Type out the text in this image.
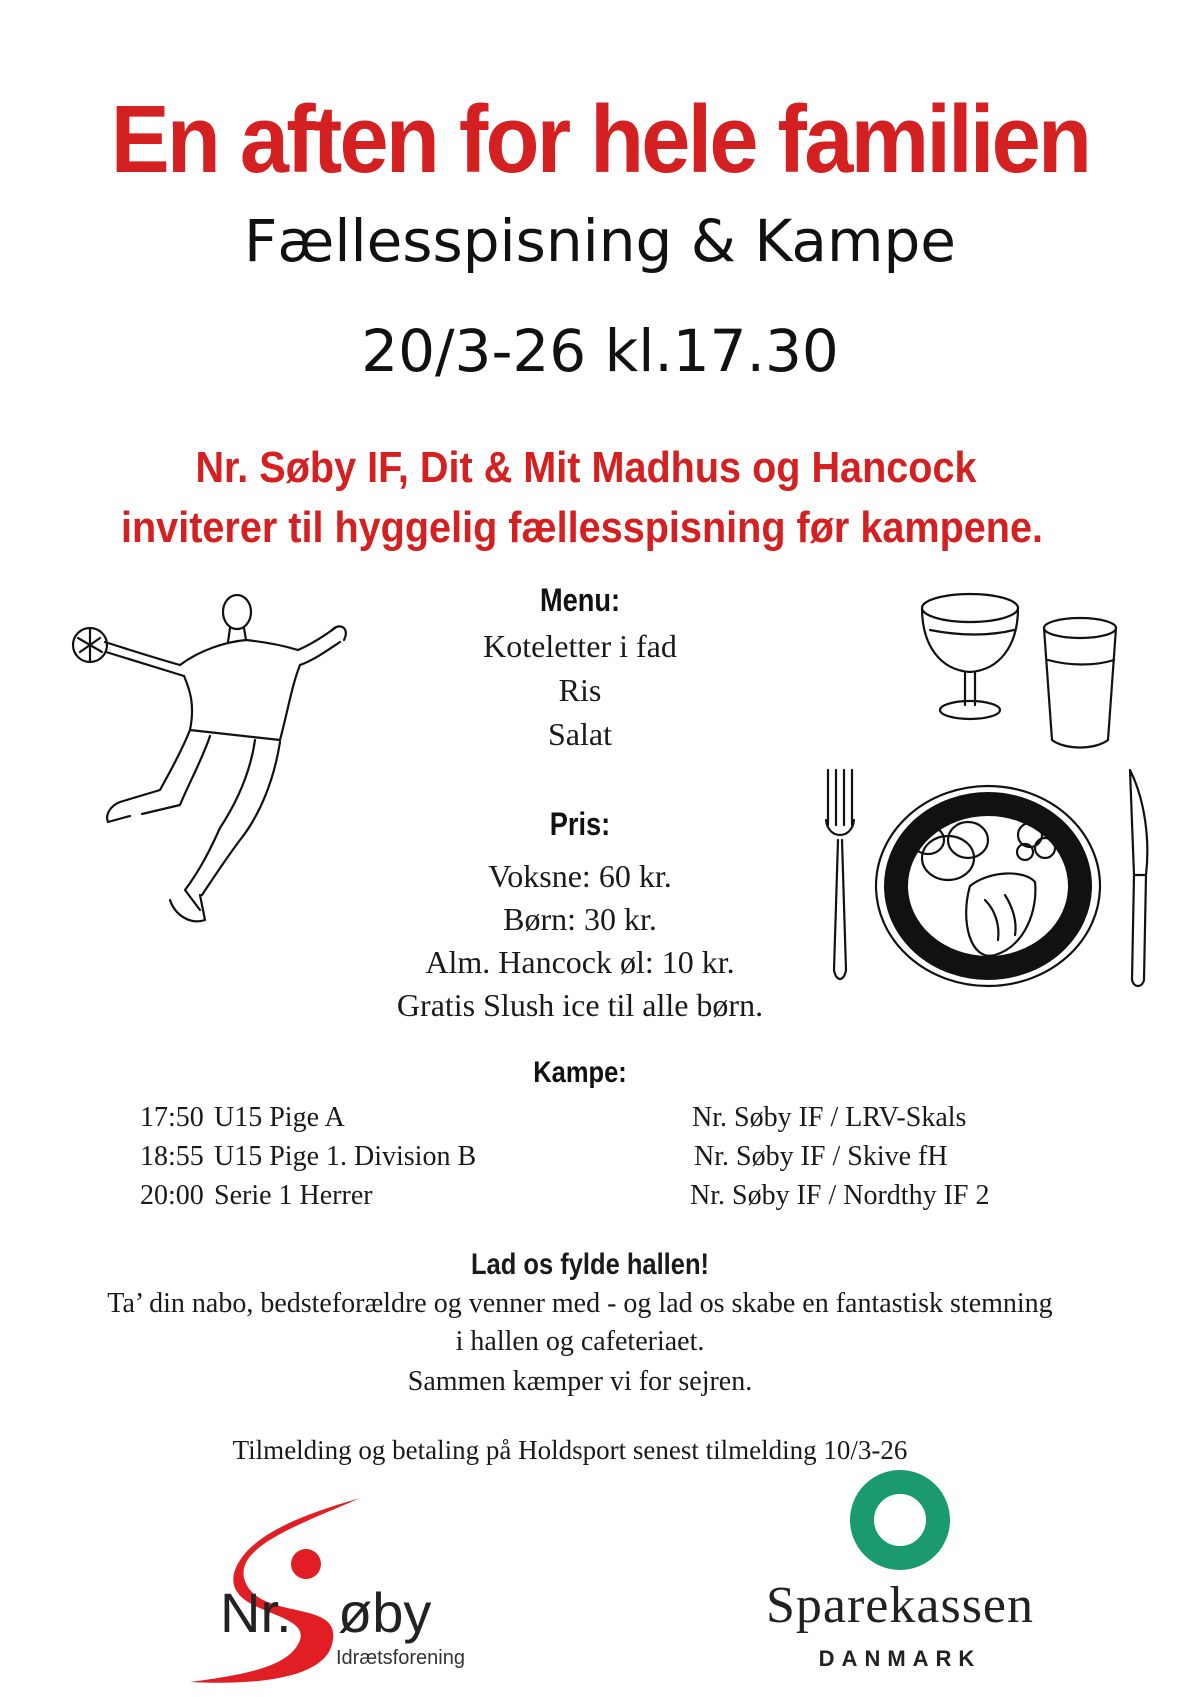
En aften for hele familien
Fællesspisning & Kampe
20/3-26 kl.17.30
Nr. Søby IF, Dit & Mit Madhus og Hancock
inviterer til hyggelig fællesspisning før kampene.
Menu:
Koteletter i fad
Ris
Salat
Pris:
Voksne: 60 kr.
Børn: 30 kr.
Alm. Hancock øl: 10 kr.
Gratis Slush ice til alle børn.
Kampe:
17:50 U15 Pige A	Nr. Søby IF / LRV-Skals
18:55 U15 Pige 1. Division B	Nr. Søby IF / Skive fH
20:00 Serie 1 Herrer	Nr. Søby IF / Nordthy IF 2
Lad os fylde hallen!
Ta’ din nabo, bedsteforældre og venner med - og lad os skabe en fantastisk stemning
i hallen og cafeteriaet.
Sammen kæmper vi for sejren.
Tilmelding og betaling på Holdsport senest tilmelding 10/3-26
Nr. øby
Idrætsforening
Sparekassen
DANMARK
